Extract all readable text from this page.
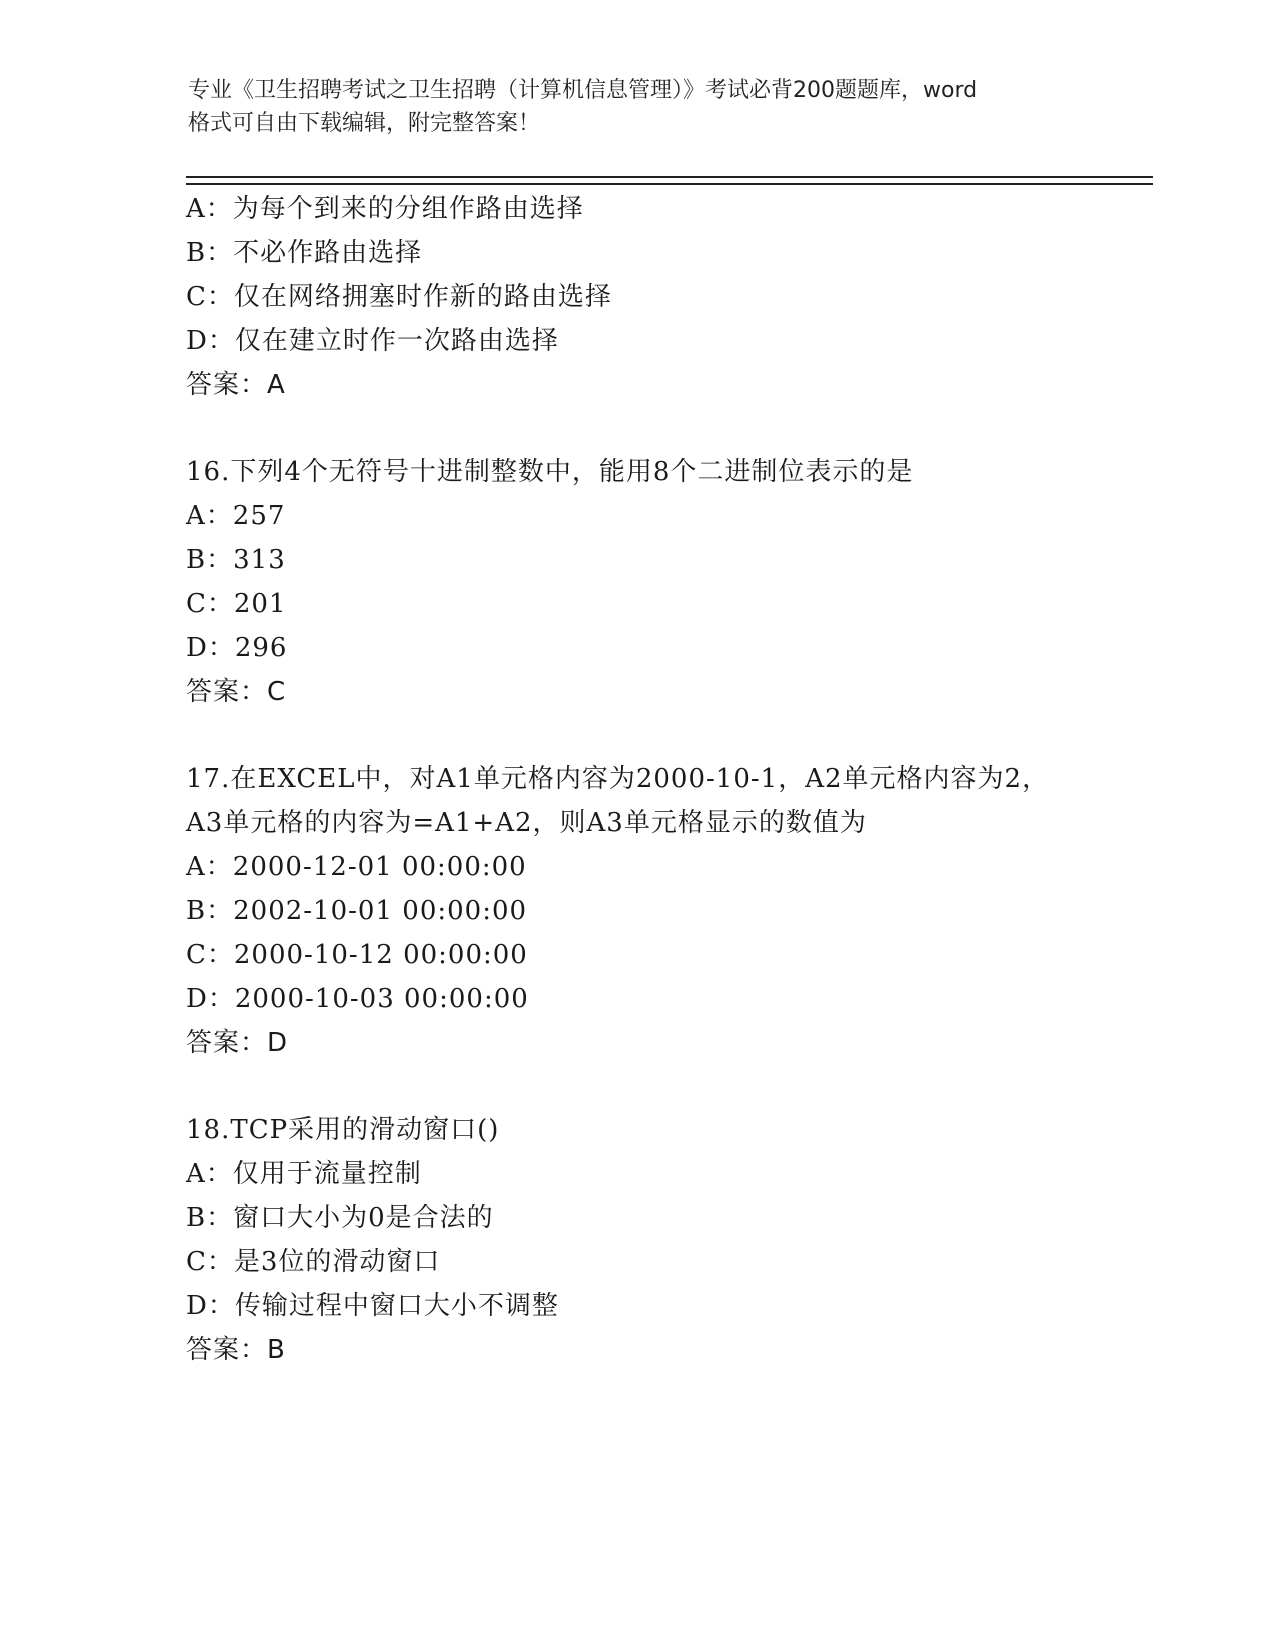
专业《卫生招聘考试之卫生招聘（计算机信息管理）》考试必背200题题库，word
格式可自由下载编辑，附完整答案！
A：为每个到来的分组作路由选择
B：不必作路由选择
C：仅在网络拥塞时作新的路由选择
D：仅在建立时作一次路由选择
答案：A
16.下列4个无符号十进制整数中，能用8个二进制位表示的是
A：257
B：313
C：201
D：296
答案：C
17.在EXCEL中，对A1单元格内容为2000-10-1，A2单元格内容为2，
A3单元格的内容为=A1+A2，则A3单元格显示的数值为
A：2000-12-01 00:00:00
B：2002-10-01 00:00:00
C：2000-10-12 00:00:00
D：2000-10-03 00:00:00
答案：D
18.TCP采用的滑动窗口()
A：仅用于流量控制
B：窗口大小为0是合法的
C：是3位的滑动窗口
D：传输过程中窗口大小不调整
答案：B
